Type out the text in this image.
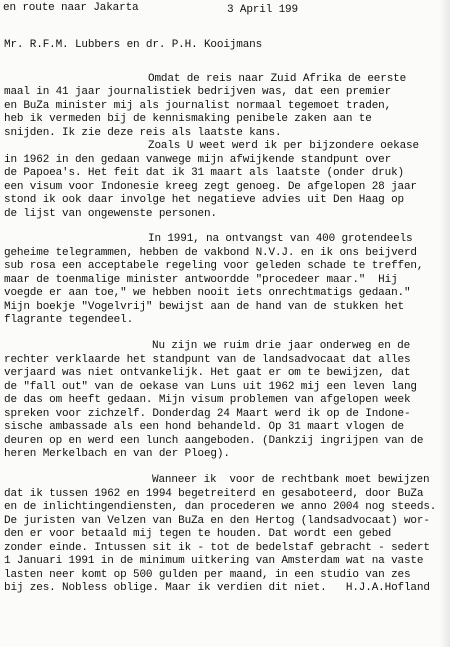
en route naar Jakarta	3 April 199
Mr. R.F.M. Lubbers en dr. P.H. Kooijmans
Omdat de reis naar Zuid Afrika de eerste
maal in 41 jaar journalistiek bedrijven was, dat een premier
en BuZa minister mij als journalist normaal tegemoet traden,
heb ik vermeden bij de kennismaking penibele zaken aan te
snijden. Ik zie deze reis als laatste kans.
Zoals U weet werd ik per bijzondere oekase
in 1962 in den gedaan vanwege mijn afwijkende standpunt over
de Papoea's. Het feit dat ik 31 maart als laatste (onder druk)
een visum voor Indonesie kreeg zegt genoeg. De afgelopen 28 jaar
stond ik ook daar involge het negatieve advies uit Den Haag op
de lijst van ongewenste personen.
In 1991, na ontvangst van 400 grotendeels
geheime telegrammen, hebben de vakbond N.V.J. en ik ons beijverd
sub rosa een acceptabele regeling voor geleden schade te treffen,
maar de toenmalige minister antwoordde "procedeer maar."  Hij
voegde er aan toe," we hebben nooit iets onrechtmatigs gedaan."
Mijn boekje "Vogelvrij" bewijst aan de hand van de stukken het
flagrante tegendeel.
Nu zijn we ruim drie jaar onderweg en de
rechter verklaarde het standpunt van de landsadvocaat dat alles
verjaard was niet ontvankelijk. Het gaat er om te bewijzen, dat
de "fall out" van de oekase van Luns uit 1962 mij een leven lang
de das om heeft gedaan. Mijn visum problemen van afgelopen week
spreken voor zichzelf. Donderdag 24 Maart werd ik op de Indone-
sische ambassade als een hond behandeld. Op 31 maart vlogen de
deuren op en werd een lunch aangeboden. (Dankzij ingrijpen van de
heren Merkelbach en van der Ploeg).
Wanneer ik  voor de rechtbank moet bewijzen
dat ik tussen 1962 en 1994 begetreiterd en gesaboteerd, door BuZa
en de inlichtingendiensten, dan procederen we anno 2004 nog steeds.
De juristen van Velzen van BuZa en den Hertog (landsadvocaat) wor-
den er voor betaald mij tegen te houden. Dat wordt een gebed
zonder einde. Intussen sit ik - tot de bedelstaf gebracht - sedert
1 Januari 1991 in de minimum uitkering van Amsterdam wat na vaste
lasten neer komt op 500 gulden per maand, in een studio van zes
bij zes. Nobless oblige. Maar ik verdien dit niet.   H.J.A.Hofland
